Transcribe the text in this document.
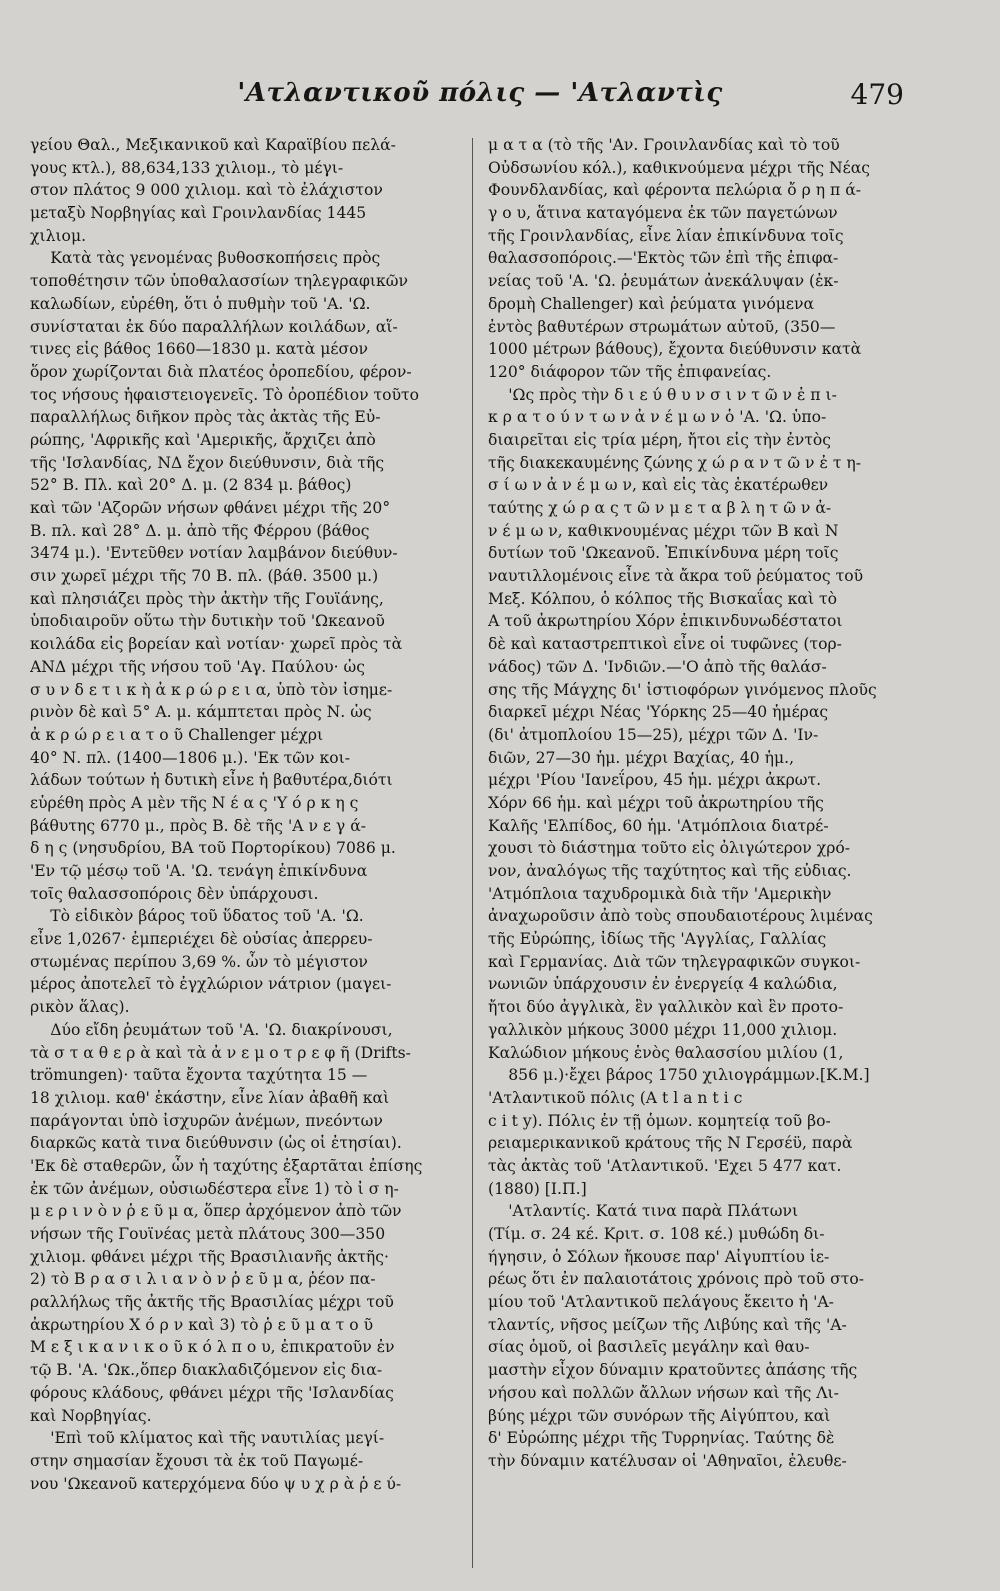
'Ατλαντικοῦ πόλις — 'Ατλαντὶς	479
γείου Θαλ., Μεξικανικοῦ καὶ Καραϊβίου πελά-
γους κτλ.), 88,634,133 χιλιομ., τὸ μέγι-
στον πλάτος 9 000 χιλιομ. καὶ τὸ ἐλάχιστον
μεταξὺ Νορβηγίας καὶ Γροινλανδίας 1445
χιλιομ.
Κατὰ τὰς γενομένας βυθοσκοπήσεις πρὸς
τοποθέτησιν τῶν ὑποθαλασσίων τηλεγραφικῶν
καλωδίων, εὑρέθη, ὅτι ὁ πυθμὴν τοῦ 'Α. 'Ω.
συνίσταται ἐκ δύο παραλλήλων κοιλάδων, αἵ-
τινες εἰς βάθος 1660—1830 μ. κατὰ μέσον
ὅρον χωρίζονται διὰ πλατέος ὀροπεδίου, φέρον-
τος νήσους ἡφαιστειογενεῖς. Τὸ ὀροπέδιον τοῦτο
παραλλήλως διῆκον πρὸς τὰς ἀκτὰς τῆς Εὐ-
ρώπης, 'Αφρικῆς καὶ 'Αμερικῆς, ἄρχιζει ἀπὸ
τῆς 'Ισλανδίας, ΝΔ ἔχον διεύθυνσιν, διὰ τῆς
52° Β. Πλ. καὶ 20° Δ. μ. (2 834 μ. βάθος)
καὶ τῶν 'Αζορῶν νήσων φθάνει μέχρι τῆς 20°
Β. πλ. καὶ 28° Δ. μ. ἀπὸ τῆς Φέρρου (βάθος
3474 μ.). 'Εντεῦθεν νοτίαν λαμβάνον διεύθυν-
σιν χωρεῖ μέχρι τῆς 70 Β. πλ. (βάθ. 3500 μ.)
καὶ πλησιάζει πρὸς τὴν ἀκτὴν τῆς Γουϊάνης,
ὑποδιαιροῦν οὕτω τὴν δυτικὴν τοῦ 'Ωκεανοῦ
κοιλάδα εἰς βορείαν καὶ νοτίαν· χωρεῖ πρὸς τὰ
ΑΝΔ μέχρι τῆς νήσου τοῦ 'Αγ. Παύλου· ὡς
σ υ ν δ ε τ ι κ ὴ ἀ κ ρ ώ ρ ε ι α, ὑπὸ τὸν ἰσημε-
ρινὸν δὲ καὶ 5° Α. μ. κάμπτεται πρὸς Ν. ὡς
ἀ κ ρ ώ ρ ε ι α τ ο ῦ Challenger μέχρι
40° Ν. πλ. (1400—1806 μ.). 'Εκ τῶν κοι-
λάδων τούτων ἡ δυτικὴ εἶνε ἡ βαθυτέρα,διότι
εὑρέθη πρὸς Α μὲν τῆς Ν έ α ς 'Υ ό ρ κ η ς
βάθυτης 6770 μ., πρὸς Β. δὲ τῆς 'Α ν ε γ ά-
δ η ς (νησυδρίου, ΒΑ τοῦ Πορτορίκου) 7086 μ.
'Εν τῷ μέσῳ τοῦ 'Α. 'Ω. τενάγη ἐπικίνδυνα
τοῖς θαλασσοπόροις δὲν ὑπάρχουσι.
Τὸ εἰδικὸν βάρος τοῦ ὕδατος τοῦ 'Α. 'Ω.
εἶνε 1,0267· ἐμπεριέχει δὲ οὐσίας ἀπερρευ-
στωμένας περίπου 3,69 %. ὧν τὸ μέγιστον
μέρος ἀποτελεῖ τὸ ἐγχλώριον νάτριον (μαγει-
ρικὸν ἅλας).
Δύο εἴδη ῥευμάτων τοῦ 'Α. 'Ω. διακρίνουσι,
τὰ σ τ α θ ε ρ ὰ καὶ τὰ ἀ ν ε μ ο τ ρ ε φ ῆ (Drifts-
trömungen)· ταῦτα ἔχοντα ταχύτητα 15 —
18 χιλιομ. καθ' ἑκάστην, εἶνε λίαν ἀβαθῆ καὶ
παράγονται ὑπὸ ἰσχυρῶν ἀνέμων, πνεόντων
διαρκῶς κατὰ τινα διεύθυνσιν (ὡς οἱ ἐτησίαι).
'Εκ δὲ σταθερῶν, ὧν ἡ ταχύτης ἐξαρτᾶται ἐπίσης
ἐκ τῶν ἀνέμων, οὐσιωδέστερα εἶνε 1) τὸ ἰ σ η-
μ ε ρ ι ν ὸ ν ῥ ε ῦ μ α, ὅπερ ἀρχόμενον ἀπὸ τῶν
νήσων τῆς Γουϊνέας μετὰ πλάτους 300—350
χιλιομ. φθάνει μέχρι τῆς Βρασιλιανῆς ἀκτῆς·
2) τὸ Β ρ α σ ι λ ι α ν ὸ ν ῥ ε ῦ μ α, ῥέον πα-
ραλλήλως τῆς ἀκτῆς τῆς Βρασιλίας μέχρι τοῦ
ἀκρωτηρίου Χ ό ρ ν καὶ 3) τὸ ῥ ε ῦ μ α τ ο ῦ
Μ ε ξ ι κ α ν ι κ ο ῦ κ ό λ π ο υ, ἐπικρατοῦν ἐν
τῷ Β. 'Α. 'Ωκ.,ὅπερ διακλαδιζόμενον εἰς δια-
φόρους κλάδους, φθάνει μέχρι τῆς 'Ισλανδίας
καὶ Νορβηγίας.
'Επὶ τοῦ κλίματος καὶ τῆς ναυτιλίας μεγί-
στην σημασίαν ἔχουσι τὰ ἐκ τοῦ Παγωμέ-
νου 'Ωκεανοῦ κατερχόμενα δύο ψ υ χ ρ ὰ ῥ ε ύ-
μ α τ α (τὸ τῆς 'Αν. Γροινλανδίας καὶ τὸ τοῦ
Οὐδσωνίου κόλ.), καθικνούμενα μέχρι τῆς Νέας
Φουνδλανδίας, καὶ φέροντα πελώρια ὄ ρ η π ά-
γ ο υ, ἅτινα καταγόμενα ἐκ τῶν παγετώνων
τῆς Γροινλανδίας, εἶνε λίαν ἐπικίνδυνα τοῖς
θαλασσοπόροις.—'Εκτὸς τῶν ἐπὶ τῆς ἐπιφα-
νείας τοῦ 'Α. 'Ω. ῥευμάτων ἀνεκάλυψαν (ἐκ-
δρομὴ Challenger) καὶ ῥεύματα γινόμενα
ἐντὸς βαθυτέρων στρωμάτων αὐτοῦ, (350—
1000 μέτρων βάθους), ἔχοντα διεύθυνσιν κατὰ
120° διάφορον τῶν τῆς ἐπιφανείας.
'Ως πρὸς τὴν δ ι ε ύ θ υ ν σ ι ν τ ῶ ν ἐ π ι-
κ ρ α τ ο ύ ν τ ω ν ἀ ν έ μ ω ν ὁ 'Α. 'Ω. ὑπο-
διαιρεῖται εἰς τρία μέρη, ἤτοι εἰς τὴν ἐντὸς
τῆς διακεκαυμένης ζώνης χ ώ ρ α ν τ ῶ ν ἐ τ η-
σ ί ω ν ἀ ν έ μ ω ν, καὶ εἰς τὰς ἑκατέρωθεν
ταύτης χ ώ ρ α ς τ ῶ ν μ ε τ α β λ η τ ῶ ν ἀ-
ν έ μ ω ν, καθικνουμένας μέχρι τῶν Β καὶ Ν
δυτίων τοῦ 'Ωκεανοῦ. Ἐπικίνδυνα μέρη τοῖς
ναυτιλλομένοις εἶνε τὰ ἄκρα τοῦ ῥεύματος τοῦ
Μεξ. Κόλπου, ὁ κόλπος τῆς Βισκαΐας καὶ τὸ
Α τοῦ ἀκρωτηρίου Χόρν ἐπικινδυνωδέστατοι
δὲ καὶ καταστρεπτικοὶ εἶνε οἱ τυφῶνες (τορ-
νάδος) τῶν Δ. 'Ινδιῶν.—'Ο ἀπὸ τῆς θαλάσ-
σης τῆς Μάγχης δι' ἱστιοφόρων γινόμενος πλοῦς
διαρκεῖ μέχρι Νέας 'Υόρκης 25—40 ἡμέρας
(δι' ἀτμοπλοίου 15—25), μέχρι τῶν Δ. 'Ιν-
διῶν, 27—30 ἡμ. μέχρι Βαχίας, 40 ἡμ.,
μέχρι 'Ρίου 'Ιανεΐρου, 45 ἡμ. μέχρι ἀκρωτ.
Χόρν 66 ἡμ. καὶ μέχρι τοῦ ἀκρωτηρίου τῆς
Καλῆς 'Ελπίδος, 60 ἡμ. 'Ατμόπλοια διατρέ-
χουσι τὸ διάστημα τοῦτο εἰς ὀλιγώτερον χρό-
νον, ἀναλόγως τῆς ταχύτητος καὶ τῆς εὐδιας.
'Ατμόπλοια ταχυδρομικὰ διὰ τῆν 'Αμερικὴν
ἀναχωροῦσιν ἀπὸ τοὺς σπουδαιοτέρους λιμένας
τῆς Εὐρώπης, ἰδίως τῆς 'Αγγλίας, Γαλλίας
καὶ Γερμανίας. Διὰ τῶν τηλεγραφικῶν συγκοι-
νωνιῶν ὑπάρχουσιν ἐν ἐνεργείᾳ 4 καλώδια,
ἤτοι δύο ἀγγλικὰ, ἓν γαλλικὸν καὶ ἓν προτο-
γαλλικὸν μήκους 3000 μέχρι 11,000 χιλιομ.
Καλώδιον μήκους ἑνὸς θαλασσίου μιλίου (1,
856 μ.)·ἔχει βάρος 1750 χιλιογράμμων.[Κ.Μ.]
'Ατλαντικοῦ πόλις (A t l a n t i c
c i t y). Πόλις ἐν τῇ ὁμων. κομητείᾳ τοῦ βο-
ρειαμερικανικοῦ κράτους τῆς Ν Γερσέϋ, παρὰ
τὰς ἀκτὰς τοῦ 'Ατλαντικοῦ. 'Εχει 5 477 κατ.
(1880) [Ι.Π.]
'Ατλαντίς. Κατά τινα παρὰ Πλάτωνι
(Τίμ. σ. 24 κέ. Κριτ. σ. 108 κέ.) μυθώδη δι-
ήγησιν, ὁ Σόλων ἤκουσε παρ' Αἰγυπτίου ἱε-
ρέως ὅτι ἐν παλαιοτάτοις χρόνοις πρὸ τοῦ στο-
μίου τοῦ 'Ατλαντικοῦ πελάγους ἔκειτο ἡ 'Α-
τλαντίς, νῆσος μείζων τῆς Λιβύης καὶ τῆς 'Α-
σίας ὁμοῦ, οἱ βασιλεῖς μεγάλην καὶ θαυ-
μαστὴν εἶχον δύναμιν κρατοῦντες ἁπάσης τῆς
νήσου καὶ πολλῶν ἄλλων νήσων καὶ τῆς Λι-
βύης μέχρι τῶν συνόρων τῆς Αἰγύπτου, καὶ
δ' Εὐρώπης μέχρι τῆς Τυρρηνίας. Ταύτης δὲ
τὴν δύναμιν κατέλυσαν οἱ 'Αθηναῖοι, ἐλευθε-
